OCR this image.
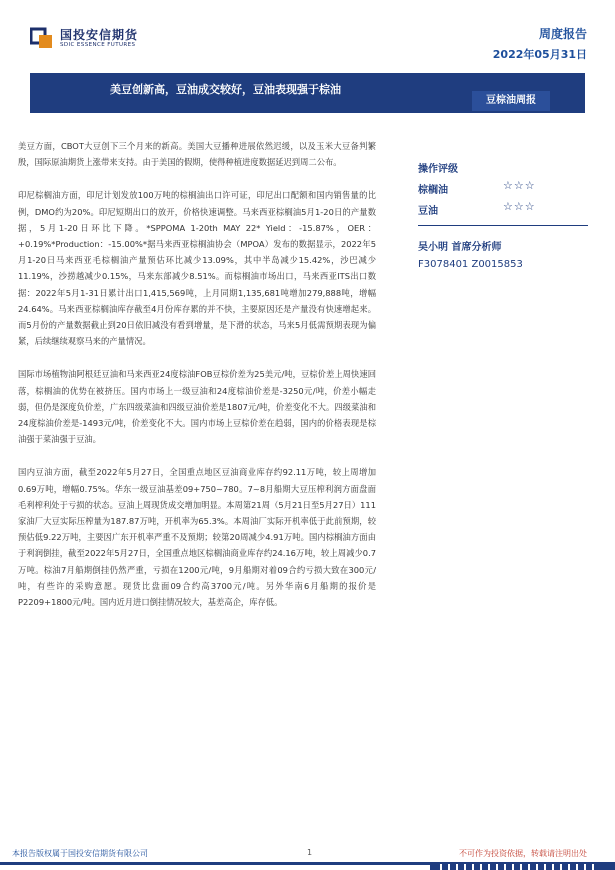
国投安信期货
SDIC ESSENCE FUTURES
周度报告
2022年05月31日
美豆创新高，豆油成交较好，豆油表现强于棕油
豆棕油周报

美豆方面，CBOT大豆创下三个月来的新高。美国大豆播种进展依然迟缓，以及玉米大豆备判繁殷，国际原油期货上涨带来支持。由于美国的假期，使得种植进度数据延迟到周二公布。

印尼棕榈油方面，印尼计划发放100万吨的棕榈油出口许可证，印尼出口配额和国内销售量的比例，DMO约为20%。印尼短期出口的放开，价格快速调整。马来西亚棕榈油5月1-20日的产量数据，5月1-20日环比下降。*SPPOMA 1-20th MAY 22* Yield：-15.87%，OER：+0.19%*Production：-15.00%*据马来西亚棕榈油协会（MPOA）发布的数据显示，2022年5月1-20日马来西亚毛棕榈油产量预估环比减少13.09%，其中半岛减少15.42%，沙巴减少11.19%，沙捞越减少0.15%，马来东部减少8.51%。而棕榈油市场出口，马来西亚ITS出口数据：2022年5月1-31日累计出口1,415,569吨，上月同期1,135,681吨增加279,888吨，增幅24.64%。马来西亚棕榈油库存截至4月份库存累的并不快，主要原因还是产量没有快速增起来。而5月份的产量数据截止到20日依旧减没有看到增量，是下滑的状态，马来5月低需预期表现为偏紧，后续继续观察马来的产量情况。

国际市场植物油阿根廷豆油和马来西亚24度棕油FOB豆棕价差为25美元/吨，豆棕价差上周快速回落，棕榈油的优势在被挤压。国内市场上一级豆油和24度棕油价差是-3250元/吨，价差小幅走弱，但仍是深度负价差，广东四级菜油和四级豆油价差是1807元/吨，价差变化不大。四级菜油和24度棕油价差是-1493元/吨，价差变化不大。国内市场上豆棕价差在趋弱，国内的价格表现是棕油强于菜油强于豆油。

国内豆油方面，截至2022年5月27日，全国重点地区豆油商业库存约92.11万吨，较上周增加0.69万吨，增幅0.75%。华东一级豆油基差09+750~780。7~8月船期大豆压榨利润方面盘面毛利榨利处于亏损的状态。豆油上周现货成交增加明显。本周第21周（5月21日至5月27日）111家油厂大豆实际压榨量为187.87万吨，开机率为65.3%。本周油厂实际开机率低于此前预期，较预估低9.22万吨，主要因广东开机率严重不及预期；较第20周减少4.91万吨。国内棕榈油方面由于利润倒挂，截至2022年5月27日，全国重点地区棕榈油商业库存约24.16万吨，较上周减少0.7万吨。棕油7月船期倒挂仍然严重，亏损在1200元/吨，9月船期对着09合约亏损大致在300元/吨，有些许的采购意愿。现货比盘面09合约高3700元/吨。另外华南6月船期的报价是P2209+1800元/吨。国内近月进口倒挂情况较大，基差高企，库存低。

操作评级
棕榈油	☆☆☆
豆油	☆☆☆
吴小明 首席分析师
F3078401 Z0015853
本报告版权属于国投安信期货有限公司	1	不可作为投资依据，转载请注明出处
